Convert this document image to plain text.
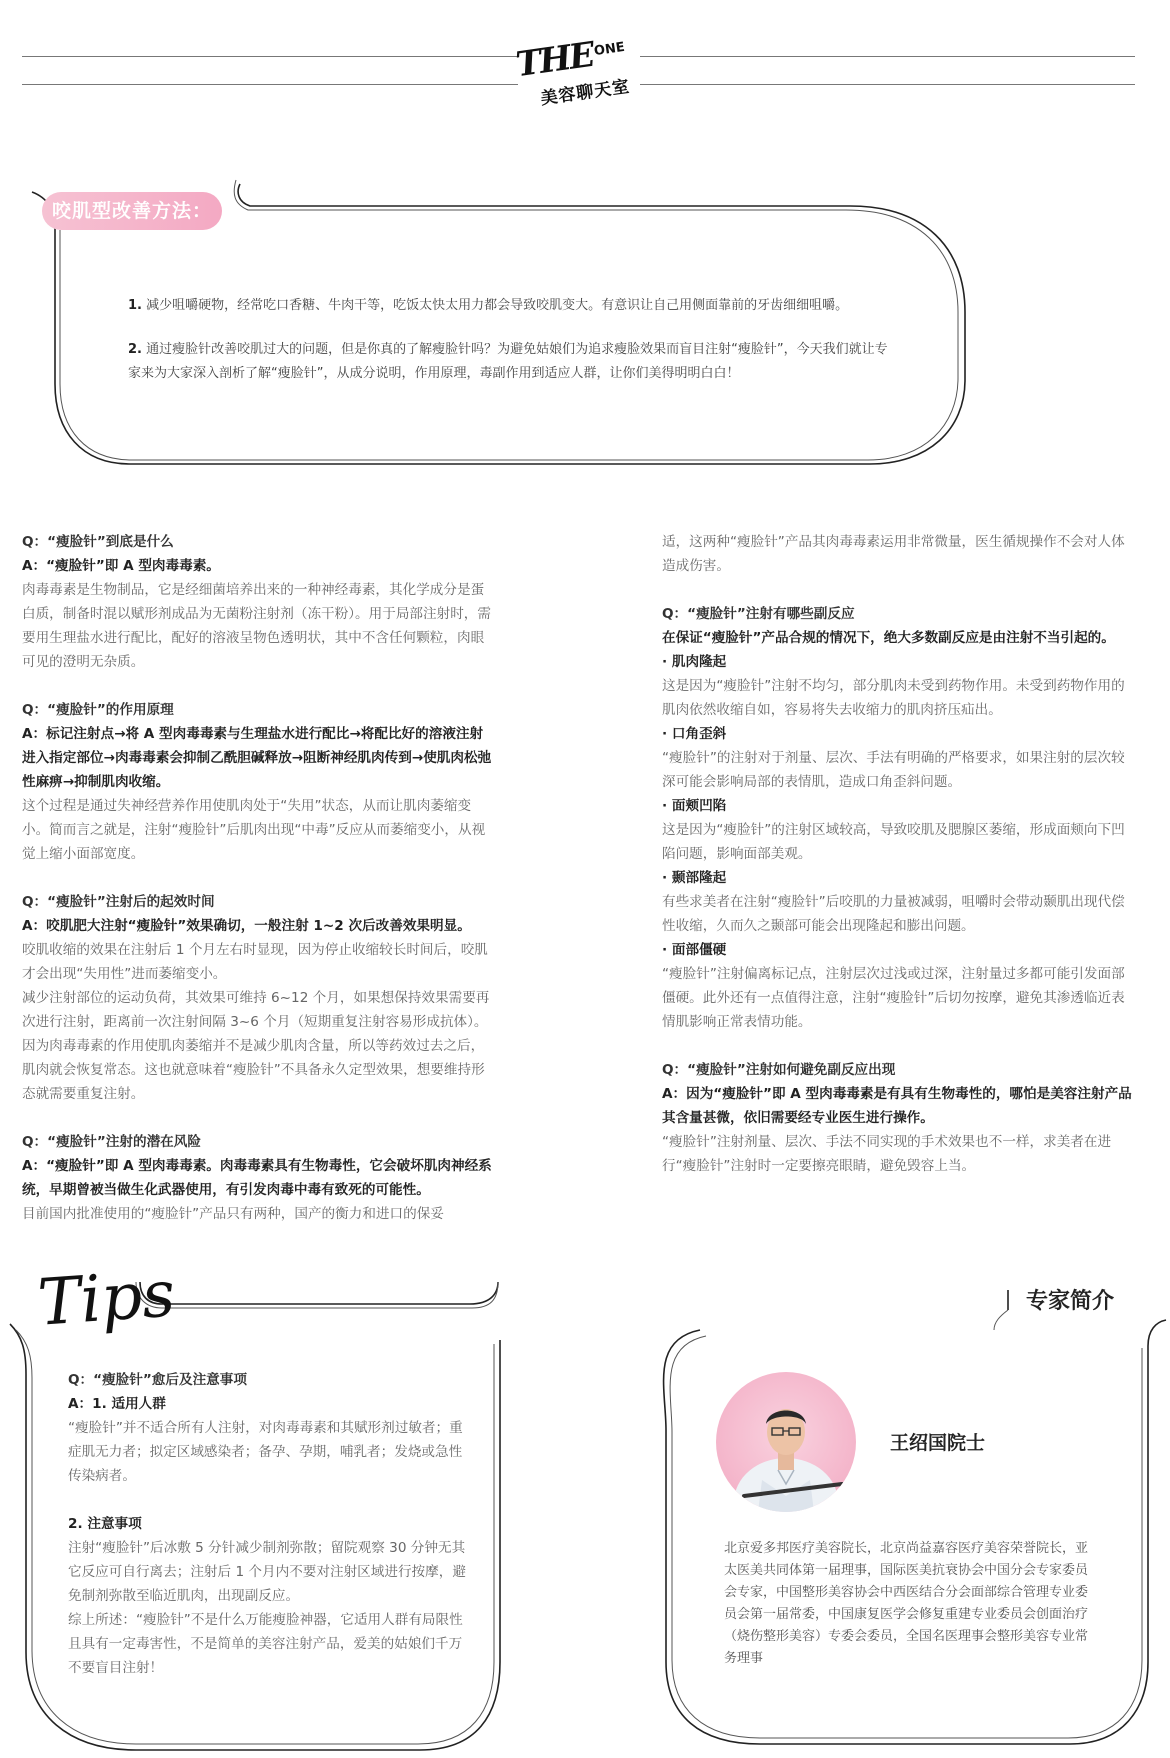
THE
ONE
美容聊天室
咬肌型改善方法：
1. 减少咀嚼硬物，经常吃口香糖、牛肉干等，吃饭太快太用力都会导致咬肌变大。有意识让自己用侧面靠前的牙齿细细咀嚼。
2. 通过瘦脸针改善咬肌过大的问题，但是你真的了解瘦脸针吗？为避免姑娘们为追求瘦脸效果而盲目注射“瘦脸针”，今天我们就让专家来为大家深入剖析了解“瘦脸针”，从成分说明，作用原理，毒副作用到适应人群，让你们美得明明白白！

Q：“瘦脸针”到底是什么

A：“瘦脸针”即 A 型肉毒毒素。

肉毒毒素是生物制品，它是经细菌培养出来的一种神经毒素，其化学成分是蛋白质，制备时混以赋形剂成品为无菌粉注射剂（冻干粉）。用于局部注射时，需要用生理盐水进行配比，配好的溶液呈物色透明状，其中不含任何颗粒，肉眼可见的澄明无杂质。

Q：“瘦脸针”的作用原理

A：标记注射点→将 A 型肉毒毒素与生理盐水进行配比→将配比好的溶液注射进入指定部位→肉毒毒素会抑制乙酰胆碱释放→阻断神经肌肉传到→使肌肉松弛性麻痹→抑制肌肉收缩。

这个过程是通过失神经营养作用使肌肉处于“失用”状态，从而让肌肉萎缩变小。简而言之就是，注射“瘦脸针”后肌肉出现“中毒”反应从而萎缩变小，从视觉上缩小面部宽度。

Q：“瘦脸针”注射后的起效时间

A：咬肌肥大注射“瘦脸针”效果确切，一般注射 1~2 次后改善效果明显。

咬肌收缩的效果在注射后 1 个月左右时显现，因为停止收缩较长时间后，咬肌才会出现“失用性”进而萎缩变小。

减少注射部位的运动负荷，其效果可维持 6~12 个月，如果想保持效果需要再次进行注射，距离前一次注射间隔 3~6 个月（短期重复注射容易形成抗体）。

因为肉毒毒素的作用使肌肉萎缩并不是减少肌肉含量，所以等药效过去之后，肌肉就会恢复常态。这也就意味着“瘦脸针”不具备永久定型效果，想要维持形态就需要重复注射。

Q：“瘦脸针”注射的潜在风险

A：“瘦脸针”即 A 型肉毒毒素。肉毒毒素具有生物毒性，它会破坏肌肉神经系统，早期曾被当做生化武器使用，有引发肉毒中毒有致死的可能性。

目前国内批准使用的“瘦脸针”产品只有两种，国产的衡力和进口的保妥

适，这两种“瘦脸针”产品其肉毒毒素运用非常微量，医生循规操作不会对人体造成伤害。

Q：“瘦脸针”注射有哪些副反应

在保证“瘦脸针”产品合规的情况下，绝大多数副反应是由注射不当引起的。

· 肌肉隆起

这是因为“瘦脸针”注射不均匀，部分肌肉未受到药物作用。未受到药物作用的肌肉依然收缩自如，容易将失去收缩力的肌肉挤压疝出。

· 口角歪斜

“瘦脸针”的注射对于剂量、层次、手法有明确的严格要求，如果注射的层次较深可能会影响局部的表情肌，造成口角歪斜问题。

· 面颊凹陷

这是因为“瘦脸针”的注射区域较高，导致咬肌及腮腺区萎缩，形成面颊向下凹陷问题，影响面部美观。

· 颞部隆起

有些求美者在注射“瘦脸针”后咬肌的力量被减弱，咀嚼时会带动颞肌出现代偿性收缩，久而久之颞部可能会出现隆起和膨出问题。

· 面部僵硬

“瘦脸针”注射偏离标记点，注射层次过浅或过深，注射量过多都可能引发面部僵硬。此外还有一点值得注意，注射“瘦脸针”后切勿按摩，避免其渗透临近表情肌影响正常表情功能。

Q：“瘦脸针”注射如何避免副反应出现

A：因为“瘦脸针”即 A 型肉毒毒素是有具有生物毒性的，哪怕是美容注射产品其含量甚微，依旧需要经专业医生进行操作。

“瘦脸针”注射剂量、层次、手法不同实现的手术效果也不一样，求美者在进行“瘦脸针”注射时一定要擦亮眼睛，避免毁容上当。

Tips

Q：“瘦脸针”愈后及注意事项

A：1. 适用人群

“瘦脸针”并不适合所有人注射，对肉毒毒素和其赋形剂过敏者；重症肌无力者；拟定区域感染者；备孕、孕期，哺乳者；发烧或急性传染病者。

2. 注意事项

注射“瘦脸针”后冰敷 5 分针减少制剂弥散；留院观察 30 分钟无其它反应可自行离去；注射后 1 个月内不要对注射区域进行按摩，避免制剂弥散至临近肌肉，出现副反应。

综上所述：“瘦脸针”不是什么万能瘦脸神器，它适用人群有局限性且具有一定毒害性，不是简单的美容注射产品，爱美的姑娘们千万不要盲目注射！

专家简介
王绍国院士
北京爱多邦医疗美容院长，北京尚益嘉容医疗美容荣誉院长，亚太医美共同体第一届理事，国际医美抗衰协会中国分会专家委员会专家，中国整形美容协会中西医结合分会面部综合管理专业委员会第一届常委，中国康复医学会修复重建专业委员会创面治疗（烧伤整形美容）专委会委员，全国名医理事会整形美容专业常务理事
